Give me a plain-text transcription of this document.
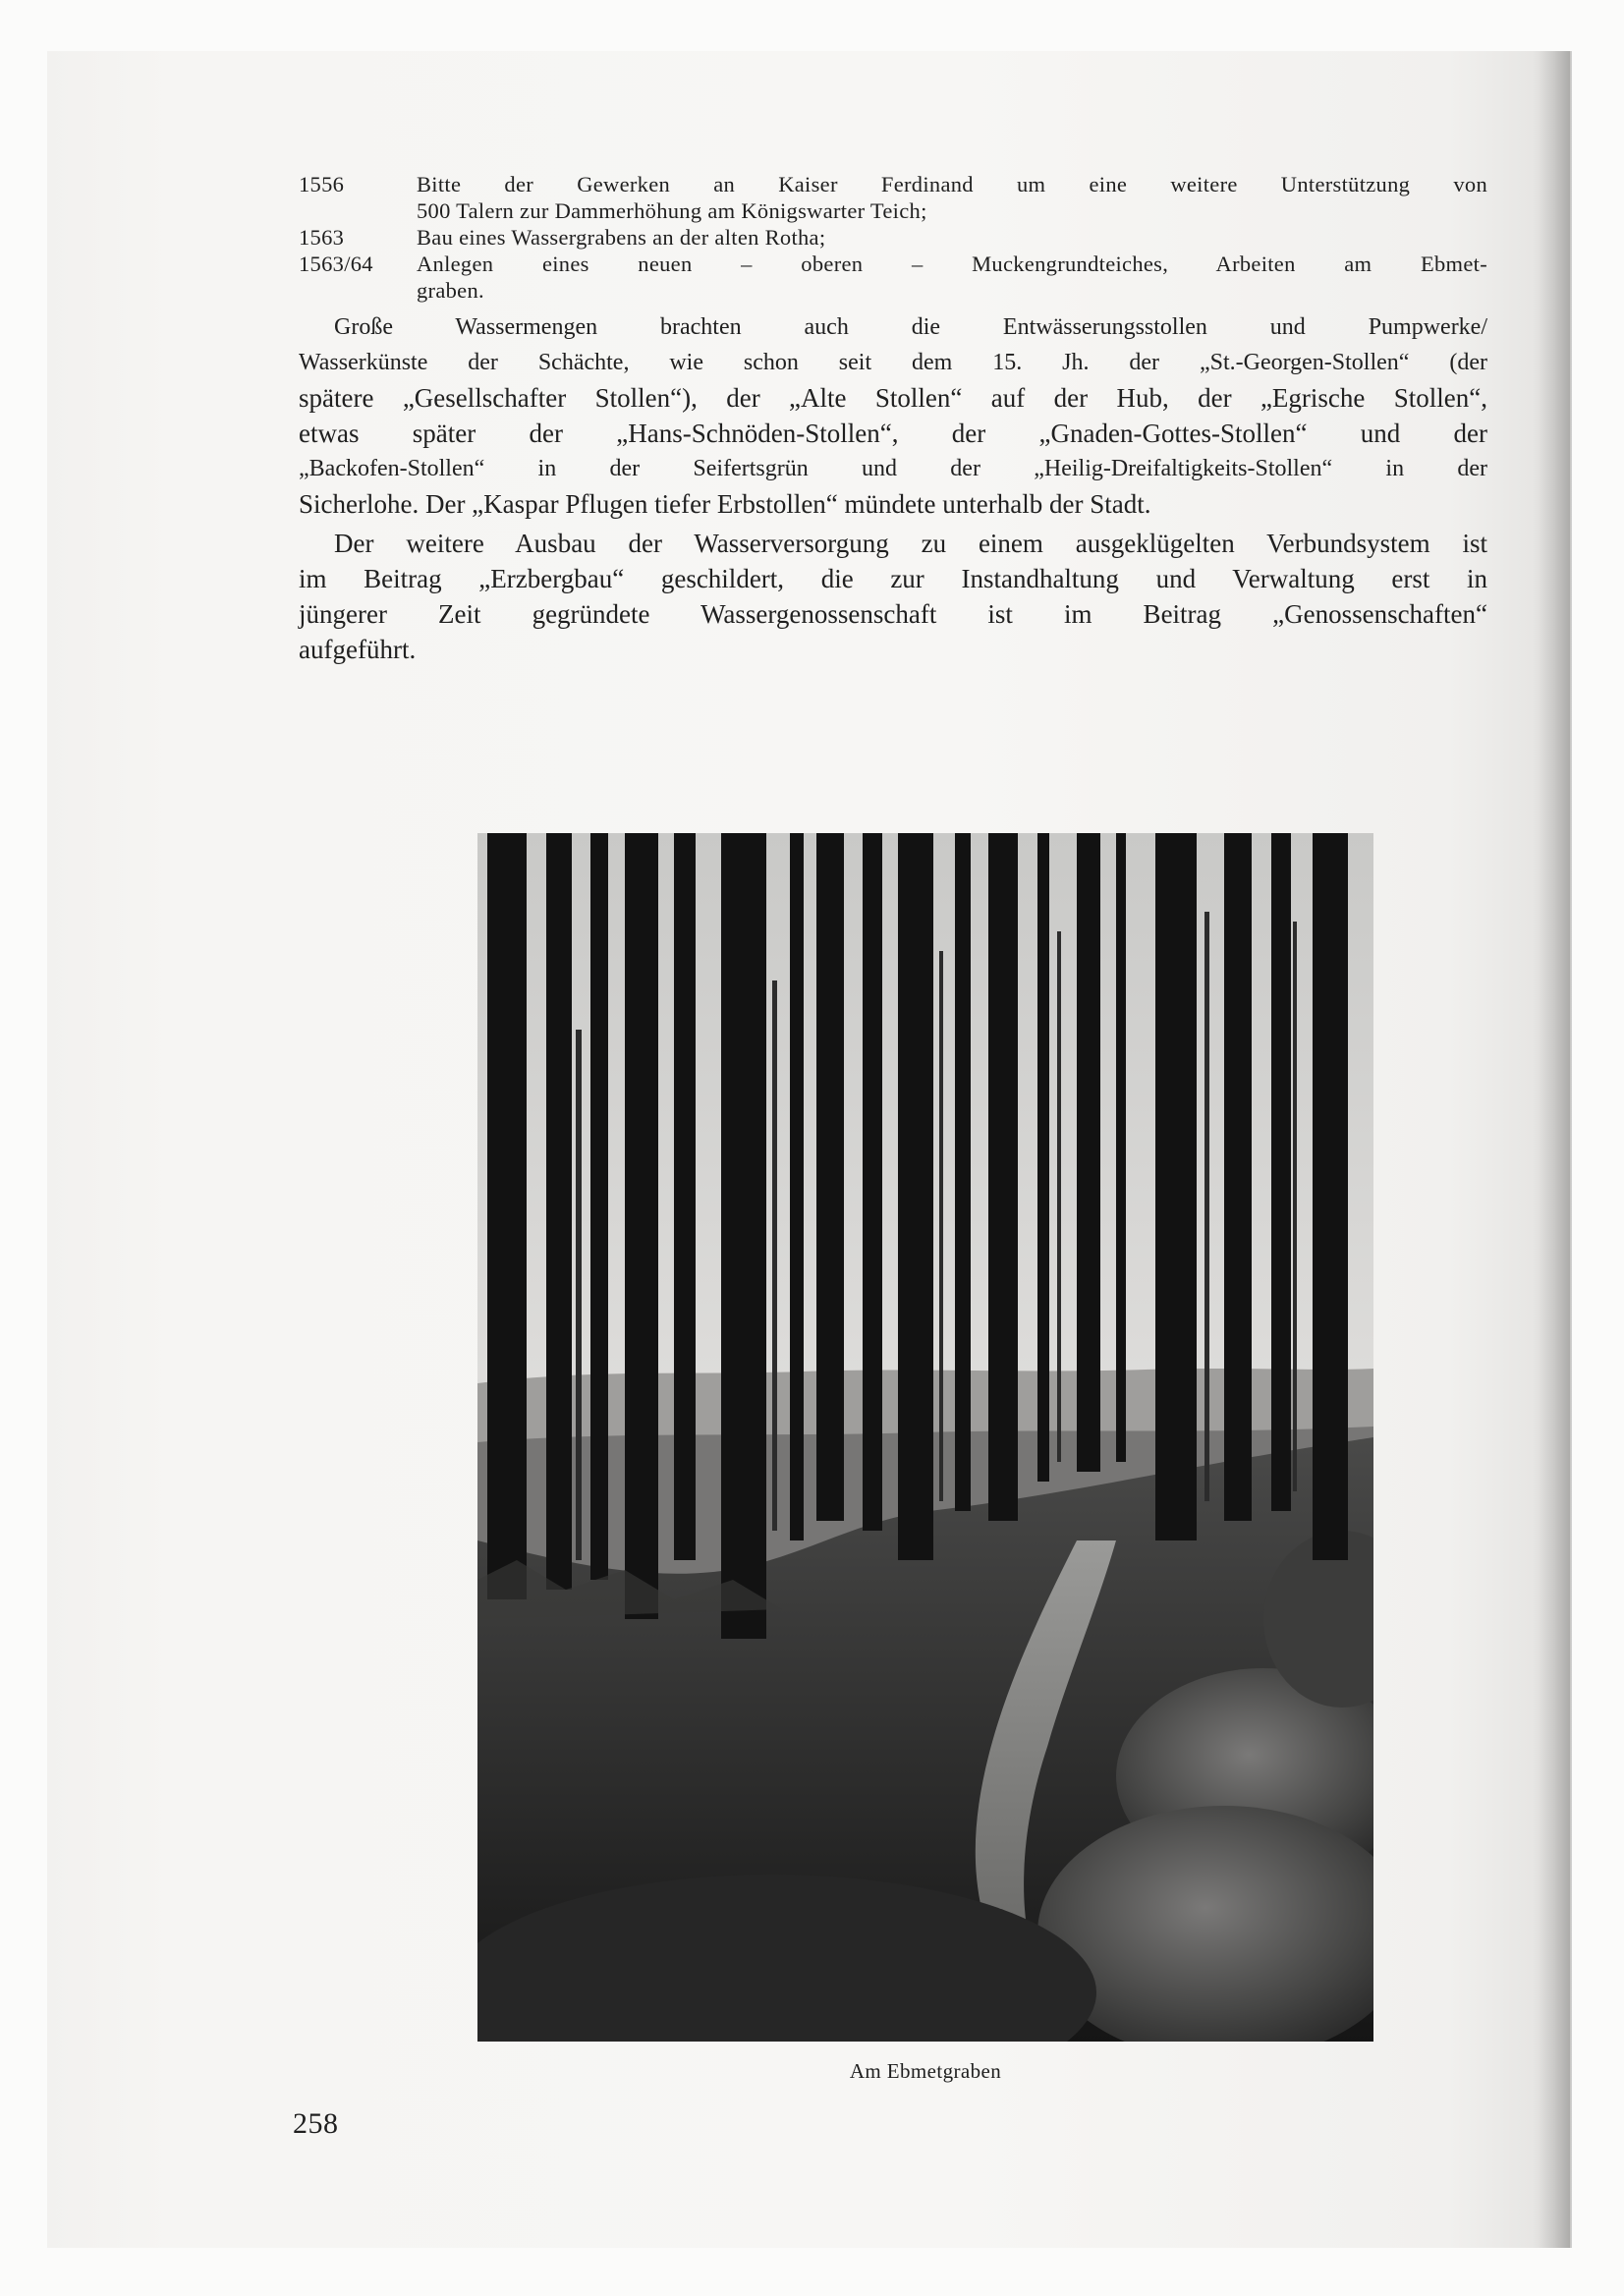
1556	Bitte der Gewerken an Kaiser Ferdinand um eine weitere Unterstützung von
500 Talern zur Dammerhöhung am Königswarter Teich;
1563	Bau eines Wassergrabens an der alten Rotha;
1563/64	Anlegen eines neuen – oberen – Muckengrundteiches, Arbeiten am Ebmet-
graben.
Große Wassermengen brachten auch die Entwässerungsstollen und Pumpwerke/
Wasserkünste der Schächte, wie schon seit dem 15. Jh. der „St.-Georgen-Stollen“ (der
spätere „Gesellschafter Stollen“), der „Alte Stollen“ auf der Hub, der „Egrische Stollen“,
etwas später der „Hans-Schnöden-Stollen“, der „Gnaden-Gottes-Stollen“ und der
„Backofen-Stollen“ in der Seifertsgrün und der „Heilig-Dreifaltigkeits-Stollen“ in der
Sicherlohe. Der „Kaspar Pflugen tiefer Erbstollen“ mündete unterhalb der Stadt.
Der weitere Ausbau der Wasserversorgung zu einem ausgeklügelten Verbundsystem ist
im Beitrag „Erzbergbau“ geschildert, die zur Instandhaltung und Verwaltung erst in
jüngerer Zeit gegründete Wassergenossenschaft ist im Beitrag „Genossenschaften“
aufgeführt.
Am Ebmetgraben
258
